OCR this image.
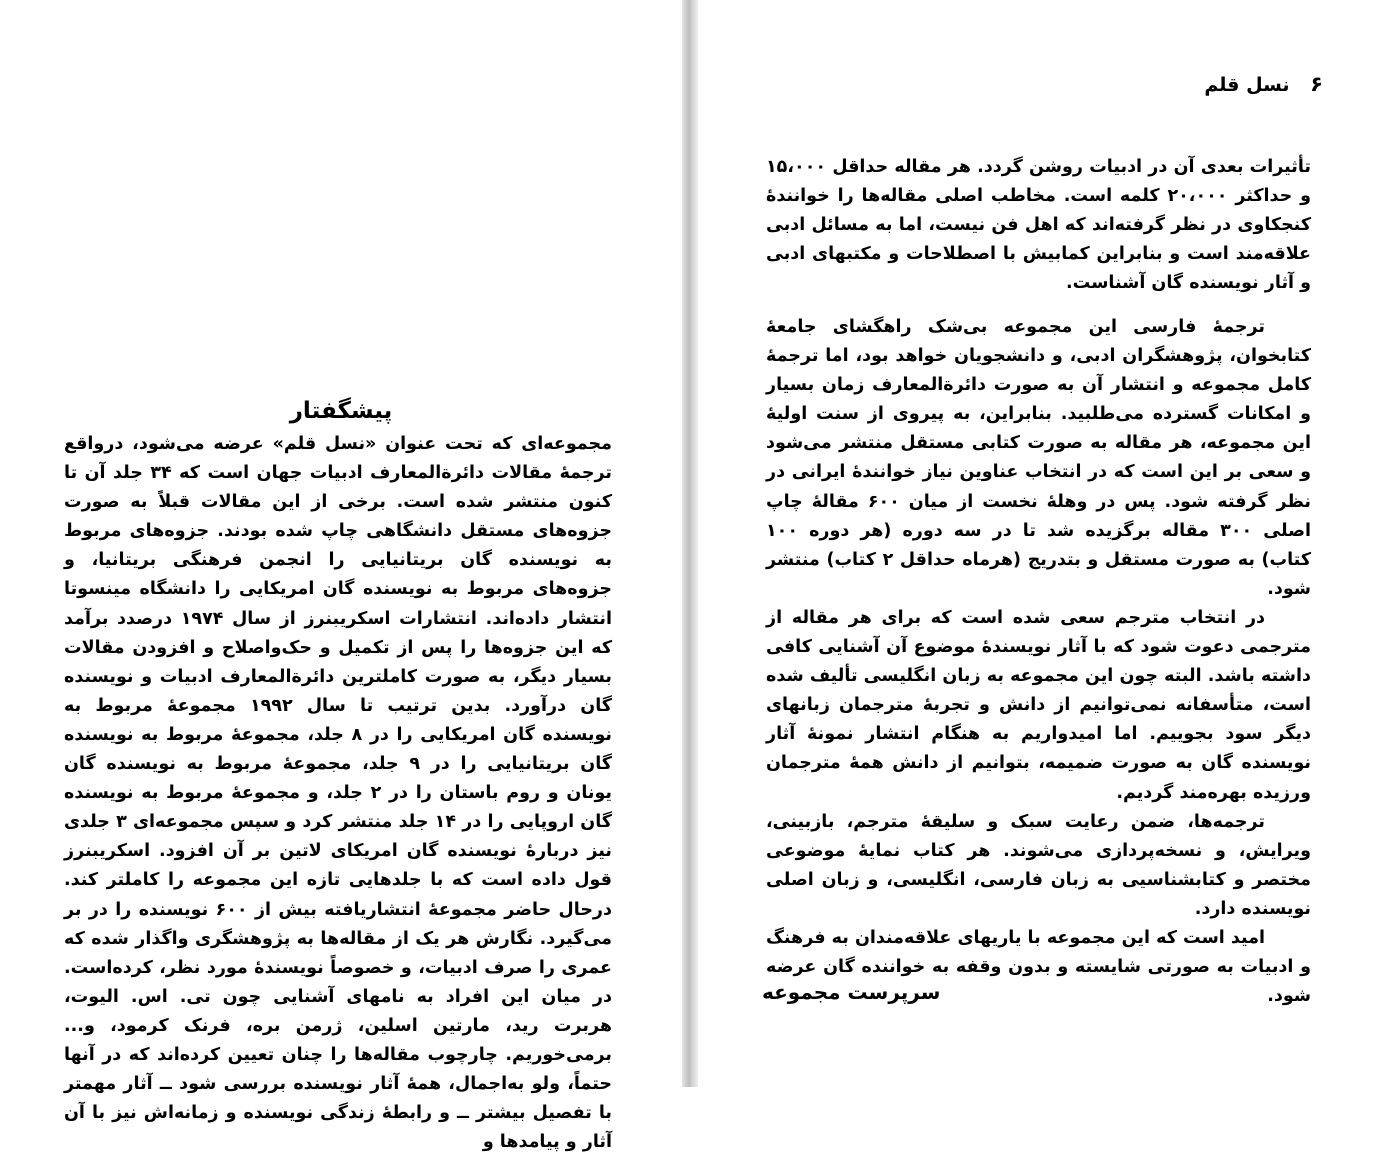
پیشگفتار

مجموعه‌ای که تحت عنوان «نسل قلم» عرضه می‌شود، درواقع ترجمهٔ مقالات دائرةالمعارف ادبیات جهان است که ۳۴ جلد آن تا کنون منتشر شده است. برخی از این مقالات قبلاً به صورت جزوه‌های مستقل دانشگاهی چاپ شده بودند. جزوه‌های مربوط به نویسنده گان بریتانیایی را انجمن فرهنگی بریتانیا، و جزوه‌های مربوط به نویسنده گان امریکایی را دانشگاه مینسوتا انتشار داده‌اند. انتشارات اسکریبنرز از سال ۱۹۷۴ درصدد برآمد که این جزوه‌ها را پس از تکمیل و حک‌واصلاح و افزودن مقالات بسیار دیگر، به صورت کاملترین دائرةالمعارف ادبیات و نویسنده گان درآورد. بدین ترتیب تا سال ۱۹۹۲ مجموعهٔ مربوط به نویسنده گان امریکایی را در ۸ جلد، مجموعهٔ مربوط به نویسنده گان بریتانیایی را در ۹ جلد، مجموعهٔ مربوط به نویسنده گان یونان و روم باستان را در ۲ جلد، و مجموعهٔ مربوط به نویسنده گان اروپایی را در ۱۴ جلد منتشر کرد و سپس مجموعه‌ای ۳ جلدی نیز دربارهٔ نویسنده گان امریکای لاتین بر آن افزود. اسکریبنرز قول داده است که با جلدهایی تازه این مجموعه را کاملتر کند. درحال حاضر مجموعهٔ انتشاریافته بیش از ۶۰۰ نویسنده را در بر می‌گیرد. نگارش هر یک از مقاله‌ها به پژوهشگری واگذار شده که عمری را صرف ادبیات، و خصوصاً نویسندهٔ مورد نظر، کرده‌است. در میان این افراد به نامهای آشنایی چون تی. اس. الیوت، هربرت رید، مارتین اسلین، ژرمن بره، فرنک کرمود، و... برمی‌خوریم. چارچوب مقاله‌ها را چنان تعیین کرده‌اند که در آنها حتماً، ولو به‌اجمال، همهٔ آثار نویسنده بررسی شود ــ آثار مهمتر با تفصیل بیشتر ــ و رابطهٔ زندگی نویسنده و زمانه‌اش نیز با آن آثار و پیامدها و

۶ نسل قلم

تأثیرات بعدی آن در ادبیات روشن گردد. هر مقاله حداقل ۱۵،۰۰۰ و حداکثر ۲۰،۰۰۰ کلمه است. مخاطب اصلی مقاله‌ها را خوانندهٔ کنجکاوی در نظر گرفته‌اند که اهل فن نیست، اما به مسائل ادبی علاقه‌مند است و بنابراین کمابیش با اصطلاحات و مکتبهای ادبی و آثار نویسنده گان آشناست.

ترجمهٔ فارسی این مجموعه بی‌شک راهگشای جامعهٔ کتابخوان، پژوهشگران ادبی، و دانشجویان خواهد بود، اما ترجمهٔ کامل مجموعه و انتشار آن به صورت دائرةالمعارف زمان بسیار و امکانات گسترده می‌طلبید. بنابراین، به پیروی از سنت اولیهٔ این مجموعه، هر مقاله به صورت کتابی مستقل منتشر می‌شود و سعی بر این است که در انتخاب عناوین نیاز خوانندهٔ ایرانی در نظر گرفته شود. پس در وهلهٔ نخست از میان ۶۰۰ مقالهٔ چاپ اصلی ۳۰۰ مقاله برگزیده شد تا در سه دوره (هر دوره ۱۰۰ کتاب) به صورت مستقل و بتدریج (هرماه حداقل ۲ کتاب) منتشر شود.

در انتخاب مترجم سعی شده است که برای هر مقاله از مترجمی دعوت شود که با آثار نویسندهٔ موضوع آن آشنایی کافی داشته باشد. البته چون این مجموعه به زبان انگلیسی تألیف شده است، متأسفانه نمی‌توانیم از دانش و تجربهٔ مترجمان زبانهای دیگر سود بجوییم. اما امیدواریم به هنگام انتشار نمونهٔ آثار نویسنده گان به صورت ضمیمه، بتوانیم از دانش همهٔ مترجمان ورزیده بهره‌مند گردیم.

ترجمه‌ها، ضمن رعایت سبک و سلیقهٔ مترجم، بازبینی، ویرایش، و نسخه‌پردازی می‌شوند. هر کتاب نمایهٔ موضوعی مختصر و کتابشناسیی به زبان فارسی، انگلیسی، و زبان اصلی نویسنده دارد.

امید است که این مجموعه با یاریهای علاقه‌مندان به فرهنگ و ادبیات به صورتی شایسته و بدون وقفه به خواننده گان عرضه شود.

سرپرست مجموعه
